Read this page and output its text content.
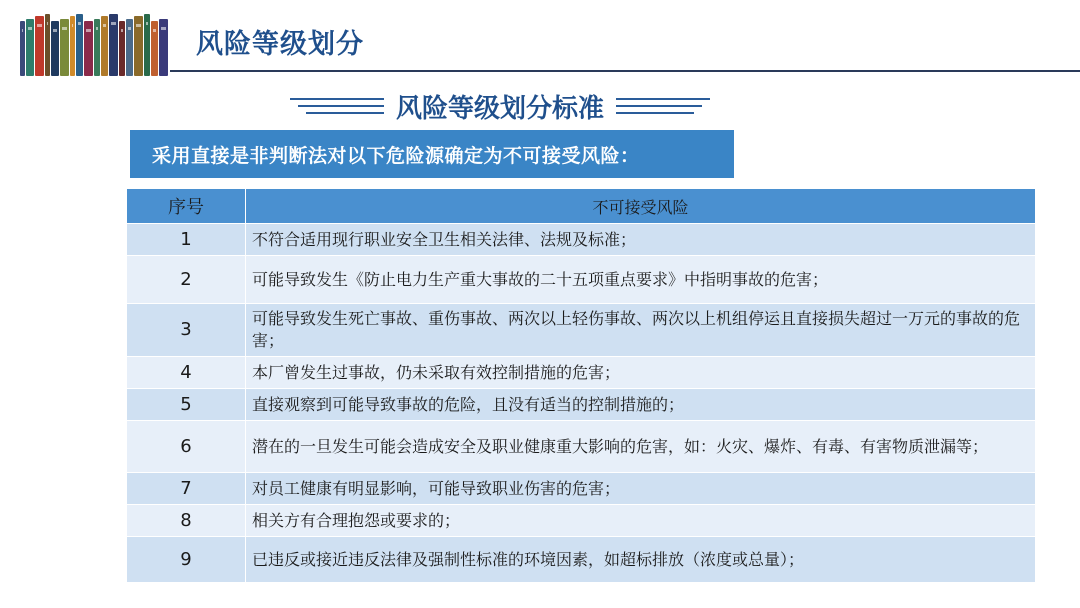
风险等级划分
风险等级划分标准
采用直接是非判断法对以下危险源确定为不可接受风险：
序号	不可接受风险
1	不符合适用现行职业安全卫生相关法律、法规及标准；
2	可能导致发生《防止电力生产重大事故的二十五项重点要求》中指明事故的危害；
3	可能导致发生死亡事故、重伤事故、两次以上轻伤事故、两次以上机组停运且直接损失超过一万元的事故的危害；
4	本厂曾发生过事故，仍未采取有效控制措施的危害；
5	直接观察到可能导致事故的危险，且没有适当的控制措施的；
6	潜在的一旦发生可能会造成安全及职业健康重大影响的危害，如：火灾、爆炸、有毒、有害物质泄漏等；
7	对员工健康有明显影响，可能导致职业伤害的危害；
8	相关方有合理抱怨或要求的；
9	已违反或接近违反法律及强制性标准的环境因素，如超标排放（浓度或总量）；
